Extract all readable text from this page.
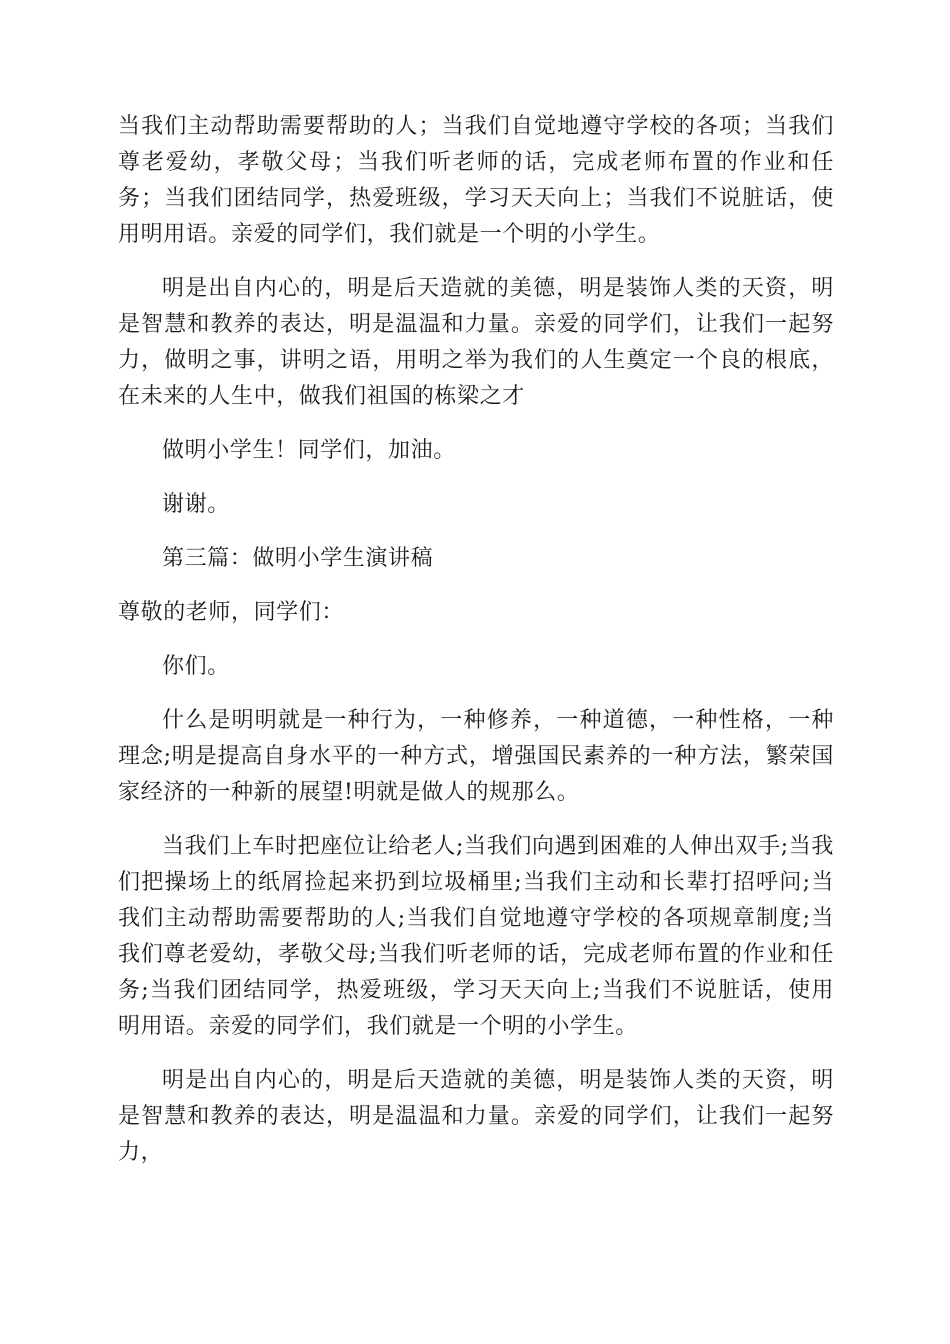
当我们主动帮助需要帮助的人；当我们自觉地遵守学校的各项；当我们尊老爱幼，孝敬父母；当我们听老师的话，完成老师布置的作业和任务；当我们团结同学，热爱班级，学习天天向上；当我们不说脏话，使用明用语。亲爱的同学们，我们就是一个明的小学生。

明是出自内心的，明是后天造就的美德，明是装饰人类的天资，明是智慧和教养的表达，明是温温和力量。亲爱的同学们，让我们一起努力，做明之事，讲明之语，用明之举为我们的人生奠定一个良的根底，在未来的人生中，做我们祖国的栋梁之才

做明小学生！同学们，加油。

谢谢。

第三篇：做明小学生演讲稿

尊敬的老师，同学们：

你们。

什么是明明就是一种行为，一种修养，一种道德，一种性格，一种理念;明是提高自身水平的一种方式，增强国民素养的一种方法，繁荣国家经济的一种新的展望!明就是做人的规那么。

当我们上车时把座位让给老人;当我们向遇到困难的人伸出双手;当我们把操场上的纸屑捡起来扔到垃圾桶里;当我们主动和长辈打招呼问;当我们主动帮助需要帮助的人;当我们自觉地遵守学校的各项规章制度;当我们尊老爱幼，孝敬父母;当我们听老师的话，完成老师布置的作业和任务;当我们团结同学，热爱班级，学习天天向上;当我们不说脏话，使用明用语。亲爱的同学们，我们就是一个明的小学生。

明是出自内心的，明是后天造就的美德，明是装饰人类的天资，明是智慧和教养的表达，明是温温和力量。亲爱的同学们，让我们一起努力，
